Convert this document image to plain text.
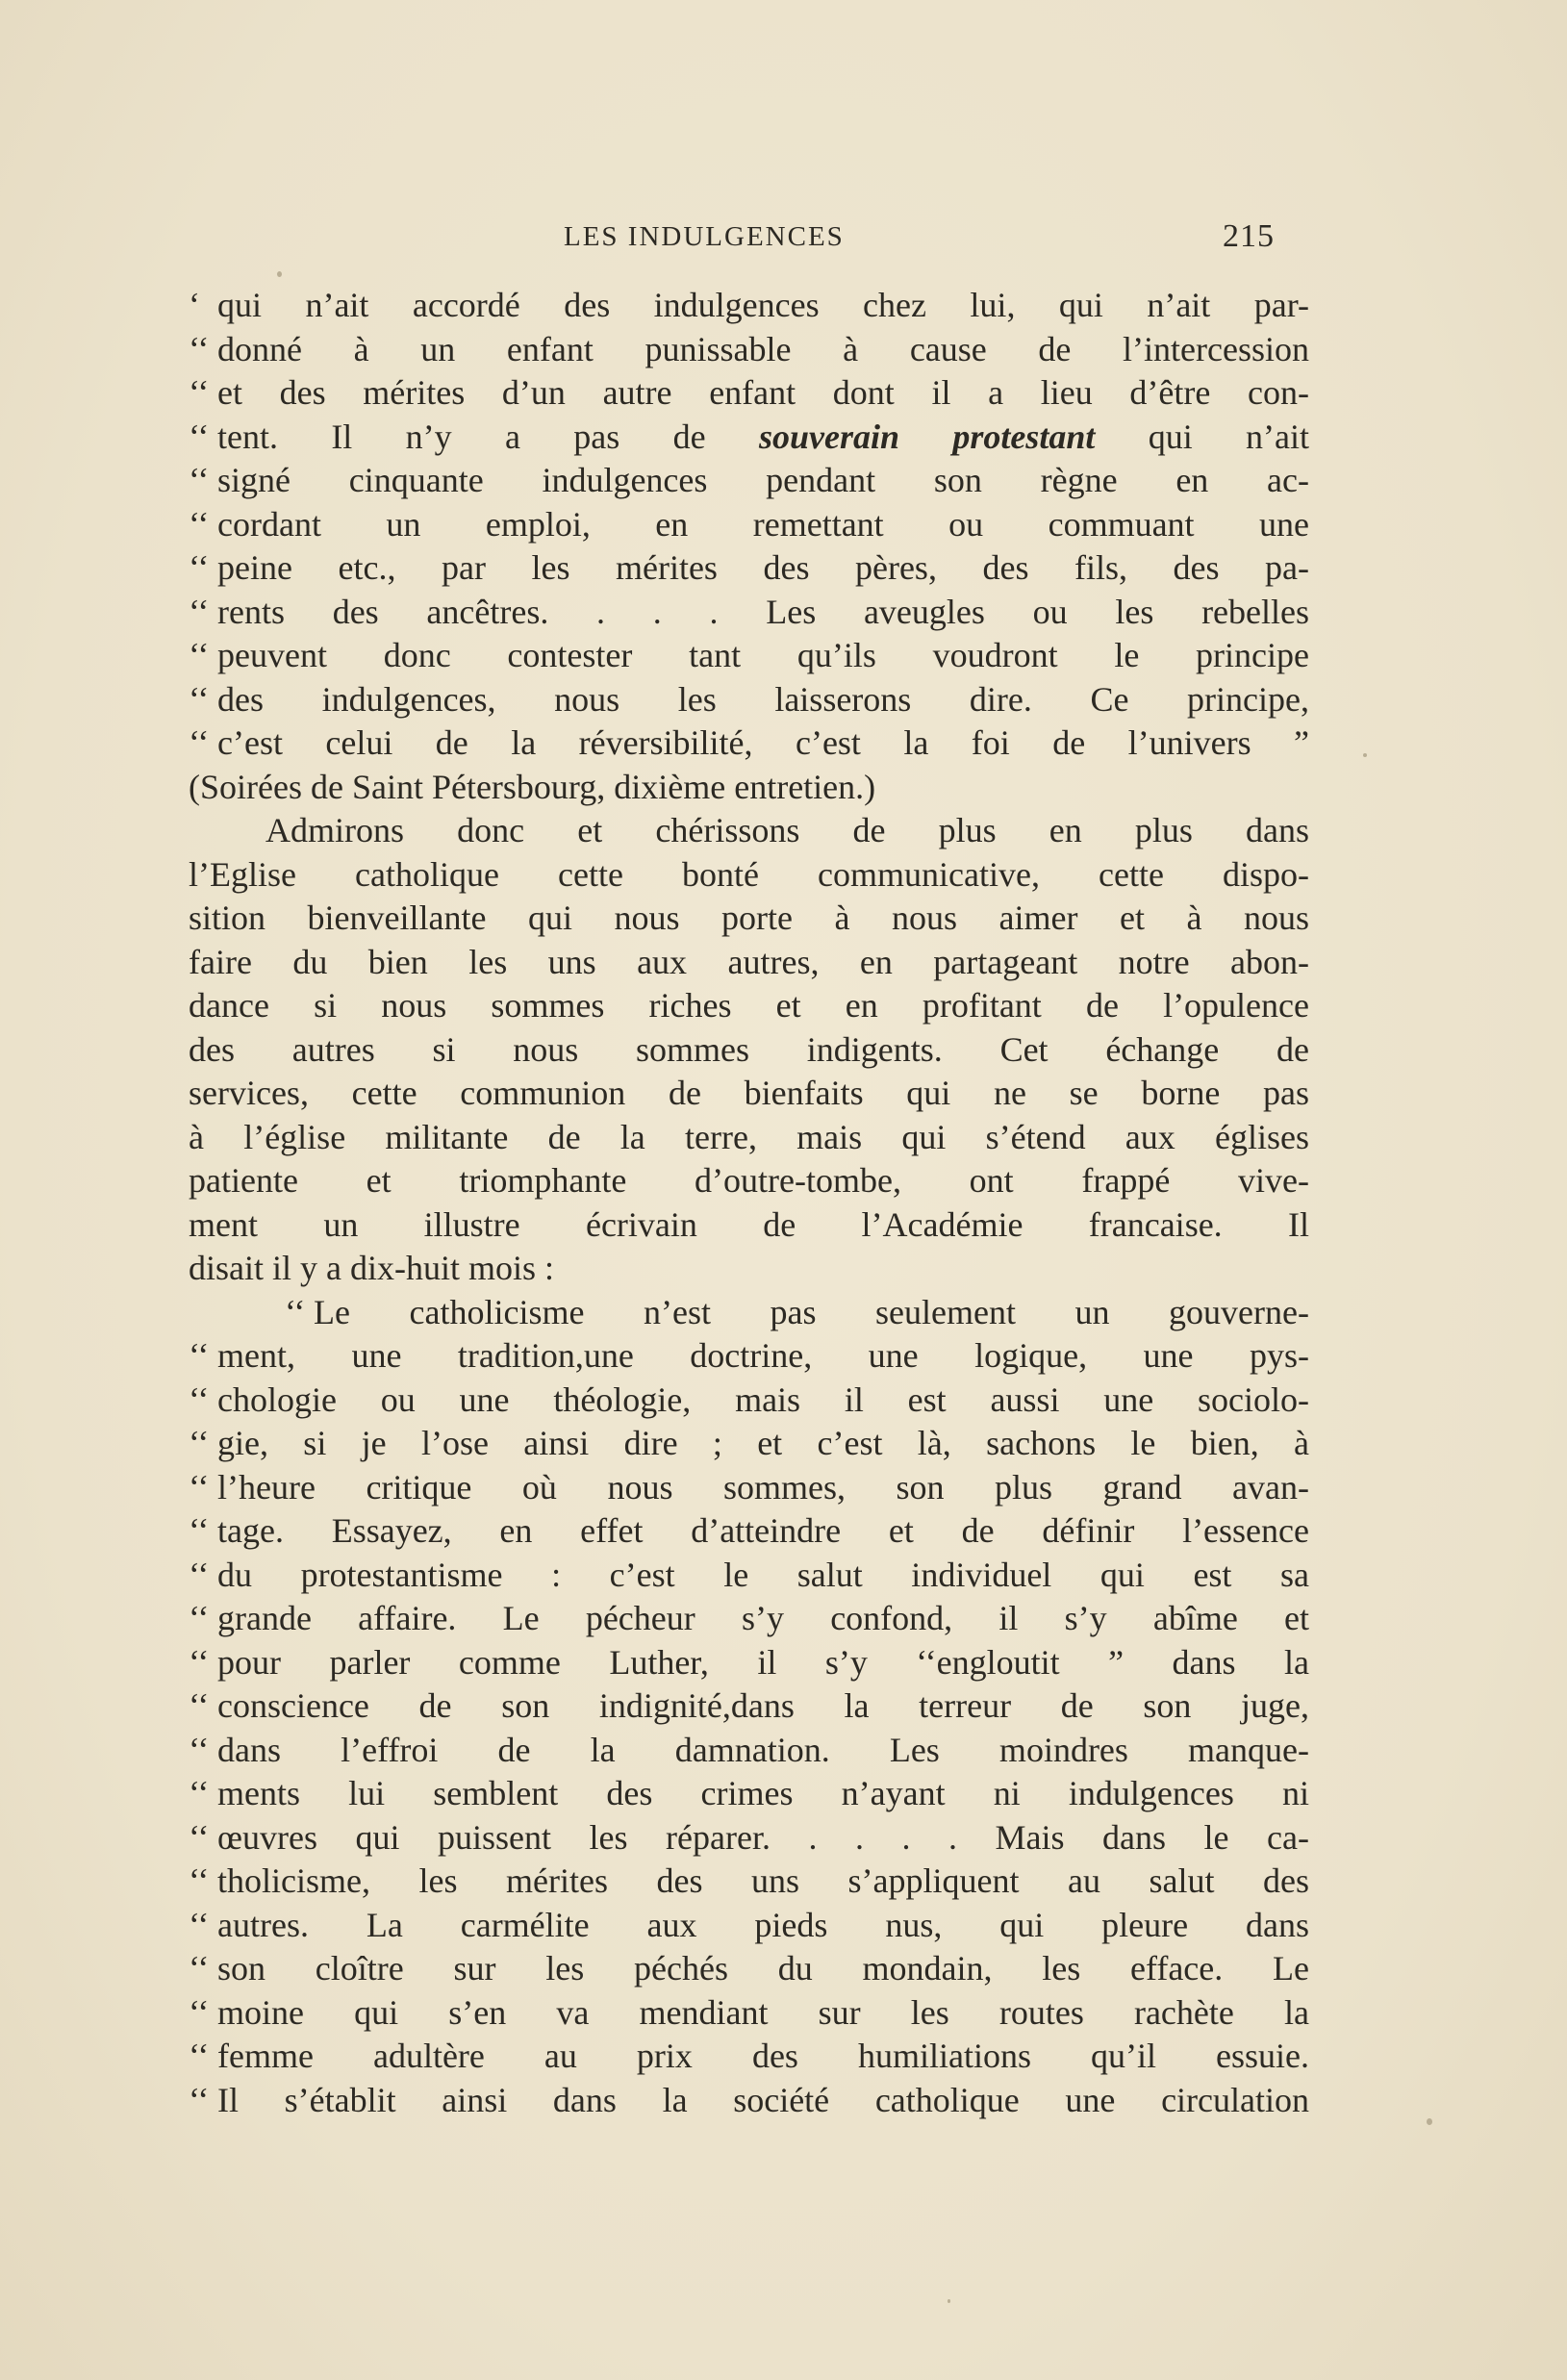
LES INDULGENCES	215
‘ qui n’ait accordé des indulgences chez lui, qui n’ait par-
‘‘ donné à un enfant punissable à cause de l’intercession
‘‘ et des mérites d’un autre enfant dont il a lieu d’être con-
‘‘ tent. Il n’y a pas de souverain protestant qui n’ait
‘‘ signé cinquante indulgences pendant son règne en ac-
‘‘ cordant un emploi, en remettant ou commuant une
‘‘ peine etc., par les mérites des pères, des fils, des pa-
‘‘ rents des ancêtres. . . . Les aveugles ou les rebelles
‘‘ peuvent donc contester tant qu’ils voudront le principe
‘‘ des indulgences, nous les laisserons dire. Ce principe,
‘‘ c’est celui de la réversibilité, c’est la foi de l’univers ”
(Soirées de Saint Pétersbourg, dixième entretien.)
Admirons donc et chérissons de plus en plus dans
l’Eglise catholique cette bonté communicative, cette dispo-
sition bienveillante qui nous porte à nous aimer et à nous
faire du bien les uns aux autres, en partageant notre abon-
dance si nous sommes riches et en profitant de l’opulence
des autres si nous sommes indigents. Cet échange de
services, cette communion de bienfaits qui ne se borne pas
à l’église militante de la terre, mais qui s’étend aux églises
patiente et triomphante d’outre-tombe, ont frappé vive-
ment un illustre écrivain de l’Académie francaise. Il
disait il y a dix-huit mois :
‘‘ Le catholicisme n’est pas seulement un gouverne-
‘‘ ment, une tradition,une doctrine, une logique, une pys-
‘‘ chologie ou une théologie, mais il est aussi une sociolo-
‘‘ gie, si je l’ose ainsi dire ; et c’est là, sachons le bien, à
‘‘ l’heure critique où nous sommes, son plus grand avan-
‘‘ tage. Essayez, en effet d’atteindre et de définir l’essence
‘‘ du protestantisme : c’est le salut individuel qui est sa
‘‘ grande affaire. Le pécheur s’y confond, il s’y abîme et
‘‘ pour parler comme Luther, il s’y ‘‘engloutit ” dans la
‘‘ conscience de son indignité,dans la terreur de son juge,
‘‘ dans l’effroi de la damnation. Les moindres manque-
‘‘ ments lui semblent des crimes n’ayant ni indulgences ni
‘‘ œuvres qui puissent les réparer. . . . . Mais dans le ca-
‘‘ tholicisme, les mérites des uns s’appliquent au salut des
‘‘ autres. La carmélite aux pieds nus, qui pleure dans
‘‘ son cloître sur les péchés du mondain, les efface. Le
‘‘ moine qui s’en va mendiant sur les routes rachète la
‘‘ femme adultère au prix des humiliations qu’il essuie.
‘‘ Il s’établit ainsi dans la société catholique une circulation
